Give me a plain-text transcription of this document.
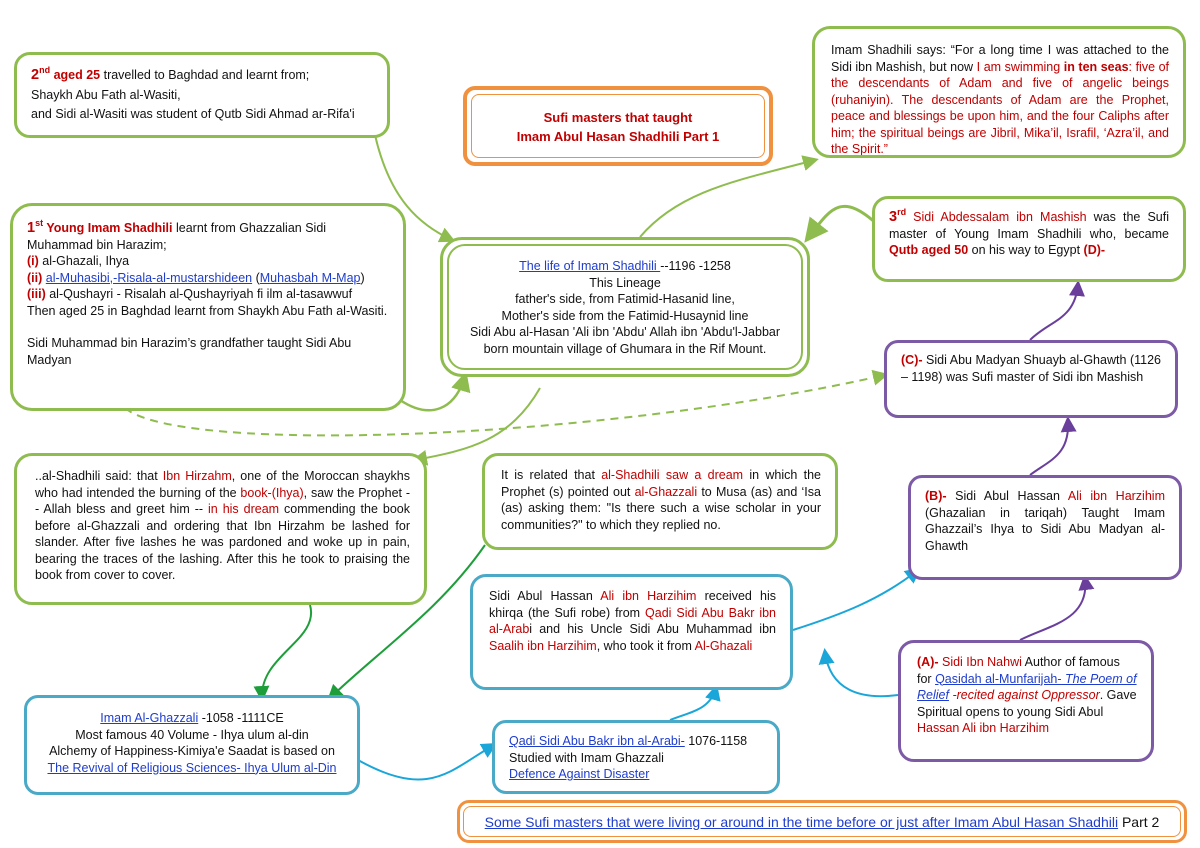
Sufi masters that taught
Imam Abul Hasan Shadhili Part 1

2nd aged 25 travelled to Baghdad and learnt from;

Shaykh Abu Fath al-Wasiti,

and Sidi al-Wasiti was student of Qutb Sidi Ahmad ar-Rifa'i

1st Young Imam Shadhili learnt from Ghazzalian Sidi Muhammad bin Harazim;

(i) al-Ghazali, Ihya

(ii) al-Muhasibi,-Risala-al-mustarshideen (Muhasbah M-Map)

(iii) al-Qushayri - Risalah al-Qushayriyah fi ilm al-tasawwuf

Then aged 25 in Baghdad learnt from Shaykh Abu Fath al-Wasiti.

Sidi Muhammad bin Harazim’s grandfather taught Sidi Abu Madyan

The life of Imam Shadhili --1196 -1258

This Lineage

father's side, from Fatimid-Hasanid line,

Mother's side from the Fatimid-Husaynid line

Sidi Abu al-Hasan 'Ali ibn 'Abdu' Allah ibn 'Abdu'l-Jabbar

born mountain village of Ghumara in the Rif Mount.

Imam Shadhili says: “For a long time I was attached to the Sidi ibn Mashish, but now I am swimming in ten seas: five of the descendants of Adam and five of angelic beings (ruhaniyin). The descendants of Adam are the Prophet, peace and blessings be upon him, and the four Caliphs after him; the spiritual beings are Jibril, Mika’il, Israfil, ‘Azra’il, and the Spirit.”

3rd Sidi Abdessalam ibn Mashish was the Sufi master of Young Imam Shadhili who, became Qutb aged 50 on his way to Egypt (D)-

(C)- Sidi Abu Madyan Shuayb al-Ghawth (1126 – 1198) was Sufi master of Sidi ibn Mashish

(B)- Sidi Abul Hassan Ali ibn Harzihim (Ghazalian in tariqah) Taught Imam Ghazzail’s Ihya to Sidi Abu Madyan al-Ghawth

(A)- Sidi Ibn Nahwi Author of famous for Qasidah al-Munfarijah- The Poem of Relief -recited against Oppressor. Gave Spiritual opens to young Sidi Abul Hassan Ali ibn Harzihim

It is related that al-Shadhili saw a dream in which the Prophet (s) pointed out al-Ghazzali to Musa (as) and ‘Isa (as) asking them: "Is there such a wise scholar in your communities?" to which they replied no.

..al-Shadhili said: that Ibn Hirzahm, one of the Moroccan shaykhs who had intended the burning of the book-(Ihya), saw the Prophet -- Allah bless and greet him -- in his dream commending the book before al-Ghazzali and ordering that Ibn Hirzahm be lashed for slander. After five lashes he was pardoned and woke up in pain, bearing the traces of the lashing. After this he took to praising the book from cover to cover.

Sidi Abul Hassan Ali ibn Harzihim received his khirqa (the Sufi robe) from Qadi Sidi Abu Bakr ibn al-Arabi and his Uncle Sidi Abu Muhammad ibn Saalih ibn Harzihim, who took it from Al-Ghazali

Imam Al-Ghazzali -1058 -1111CE

Most famous 40 Volume - Ihya ulum al-din

Alchemy of Happiness-Kimiya'e Saadat is based on

The Revival of Religious Sciences- Ihya Ulum al-Din

Qadi Sidi Abu Bakr ibn al-Arabi- 1076-1158

Studied with Imam Ghazzali

Defence Against Disaster

Some Sufi masters that were living or around in the time before or just after Imam Abul Hasan Shadhili Part 2
